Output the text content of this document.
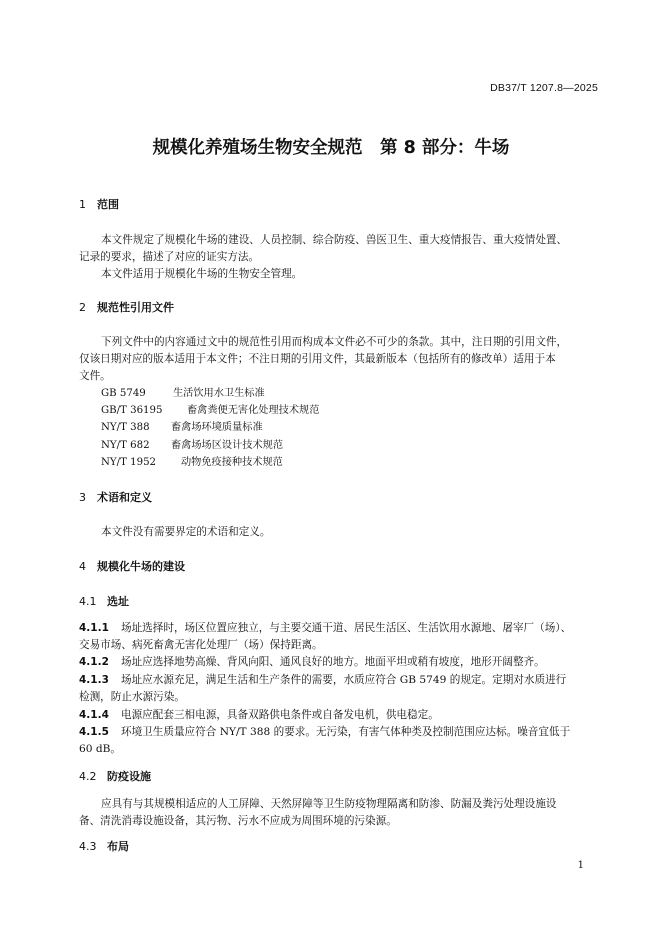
DB37/T 1207.8—2025
规模化养殖场生物安全规范　第 8 部分：牛场
1 范围
本文件规定了规模化牛场的建设、人员控制、综合防疫、兽医卫生、重大疫情报告、重大疫情处置、
记录的要求，描述了对应的证实方法。
本文件适用于规模化牛场的生物安全管理。
2 规范性引用文件
下列文件中的内容通过文中的规范性引用而构成本文件必不可少的条款。其中，注日期的引用文件，
仅该日期对应的版本适用于本文件；不注日期的引用文件，其最新版本（包括所有的修改单）适用于本
文件。
GB 5749	生活饮用水卫生标准
GB/T 36195 畜禽粪便无害化处理技术规范
NY/T 388 畜禽场环境质量标准
NY/T 682 畜禽场场区设计技术规范
NY/T 1952 动物免疫接种技术规范
3 术语和定义
本文件没有需要界定的术语和定义。
4 规模化牛场的建设
4.1 选址
4.1.1 场址选择时，场区位置应独立，与主要交通干道、居民生活区、生活饮用水源地、屠宰厂（场）、
交易市场、病死畜禽无害化处理厂（场）保持距离。
4.1.2 场址应选择地势高燥、背风向阳、通风良好的地方。地面平坦或稍有坡度，地形开阔整齐。
4.1.3 场址应水源充足，满足生活和生产条件的需要，水质应符合 GB 5749 的规定。定期对水质进行
检测，防止水源污染。
4.1.4 电源应配套三相电源，具备双路供电条件或自备发电机，供电稳定。
4.1.5 环境卫生质量应符合 NY/T 388 的要求。无污染，有害气体种类及控制范围应达标。噪音宜低于
60 dB。
4.2 防疫设施
应具有与其规模相适应的人工屏障、天然屏障等卫生防疫物理隔离和防渗、防漏及粪污处理设施设
备、清洗消毒设施设备，其污物、污水不应成为周围环境的污染源。
4.3 布局
1
